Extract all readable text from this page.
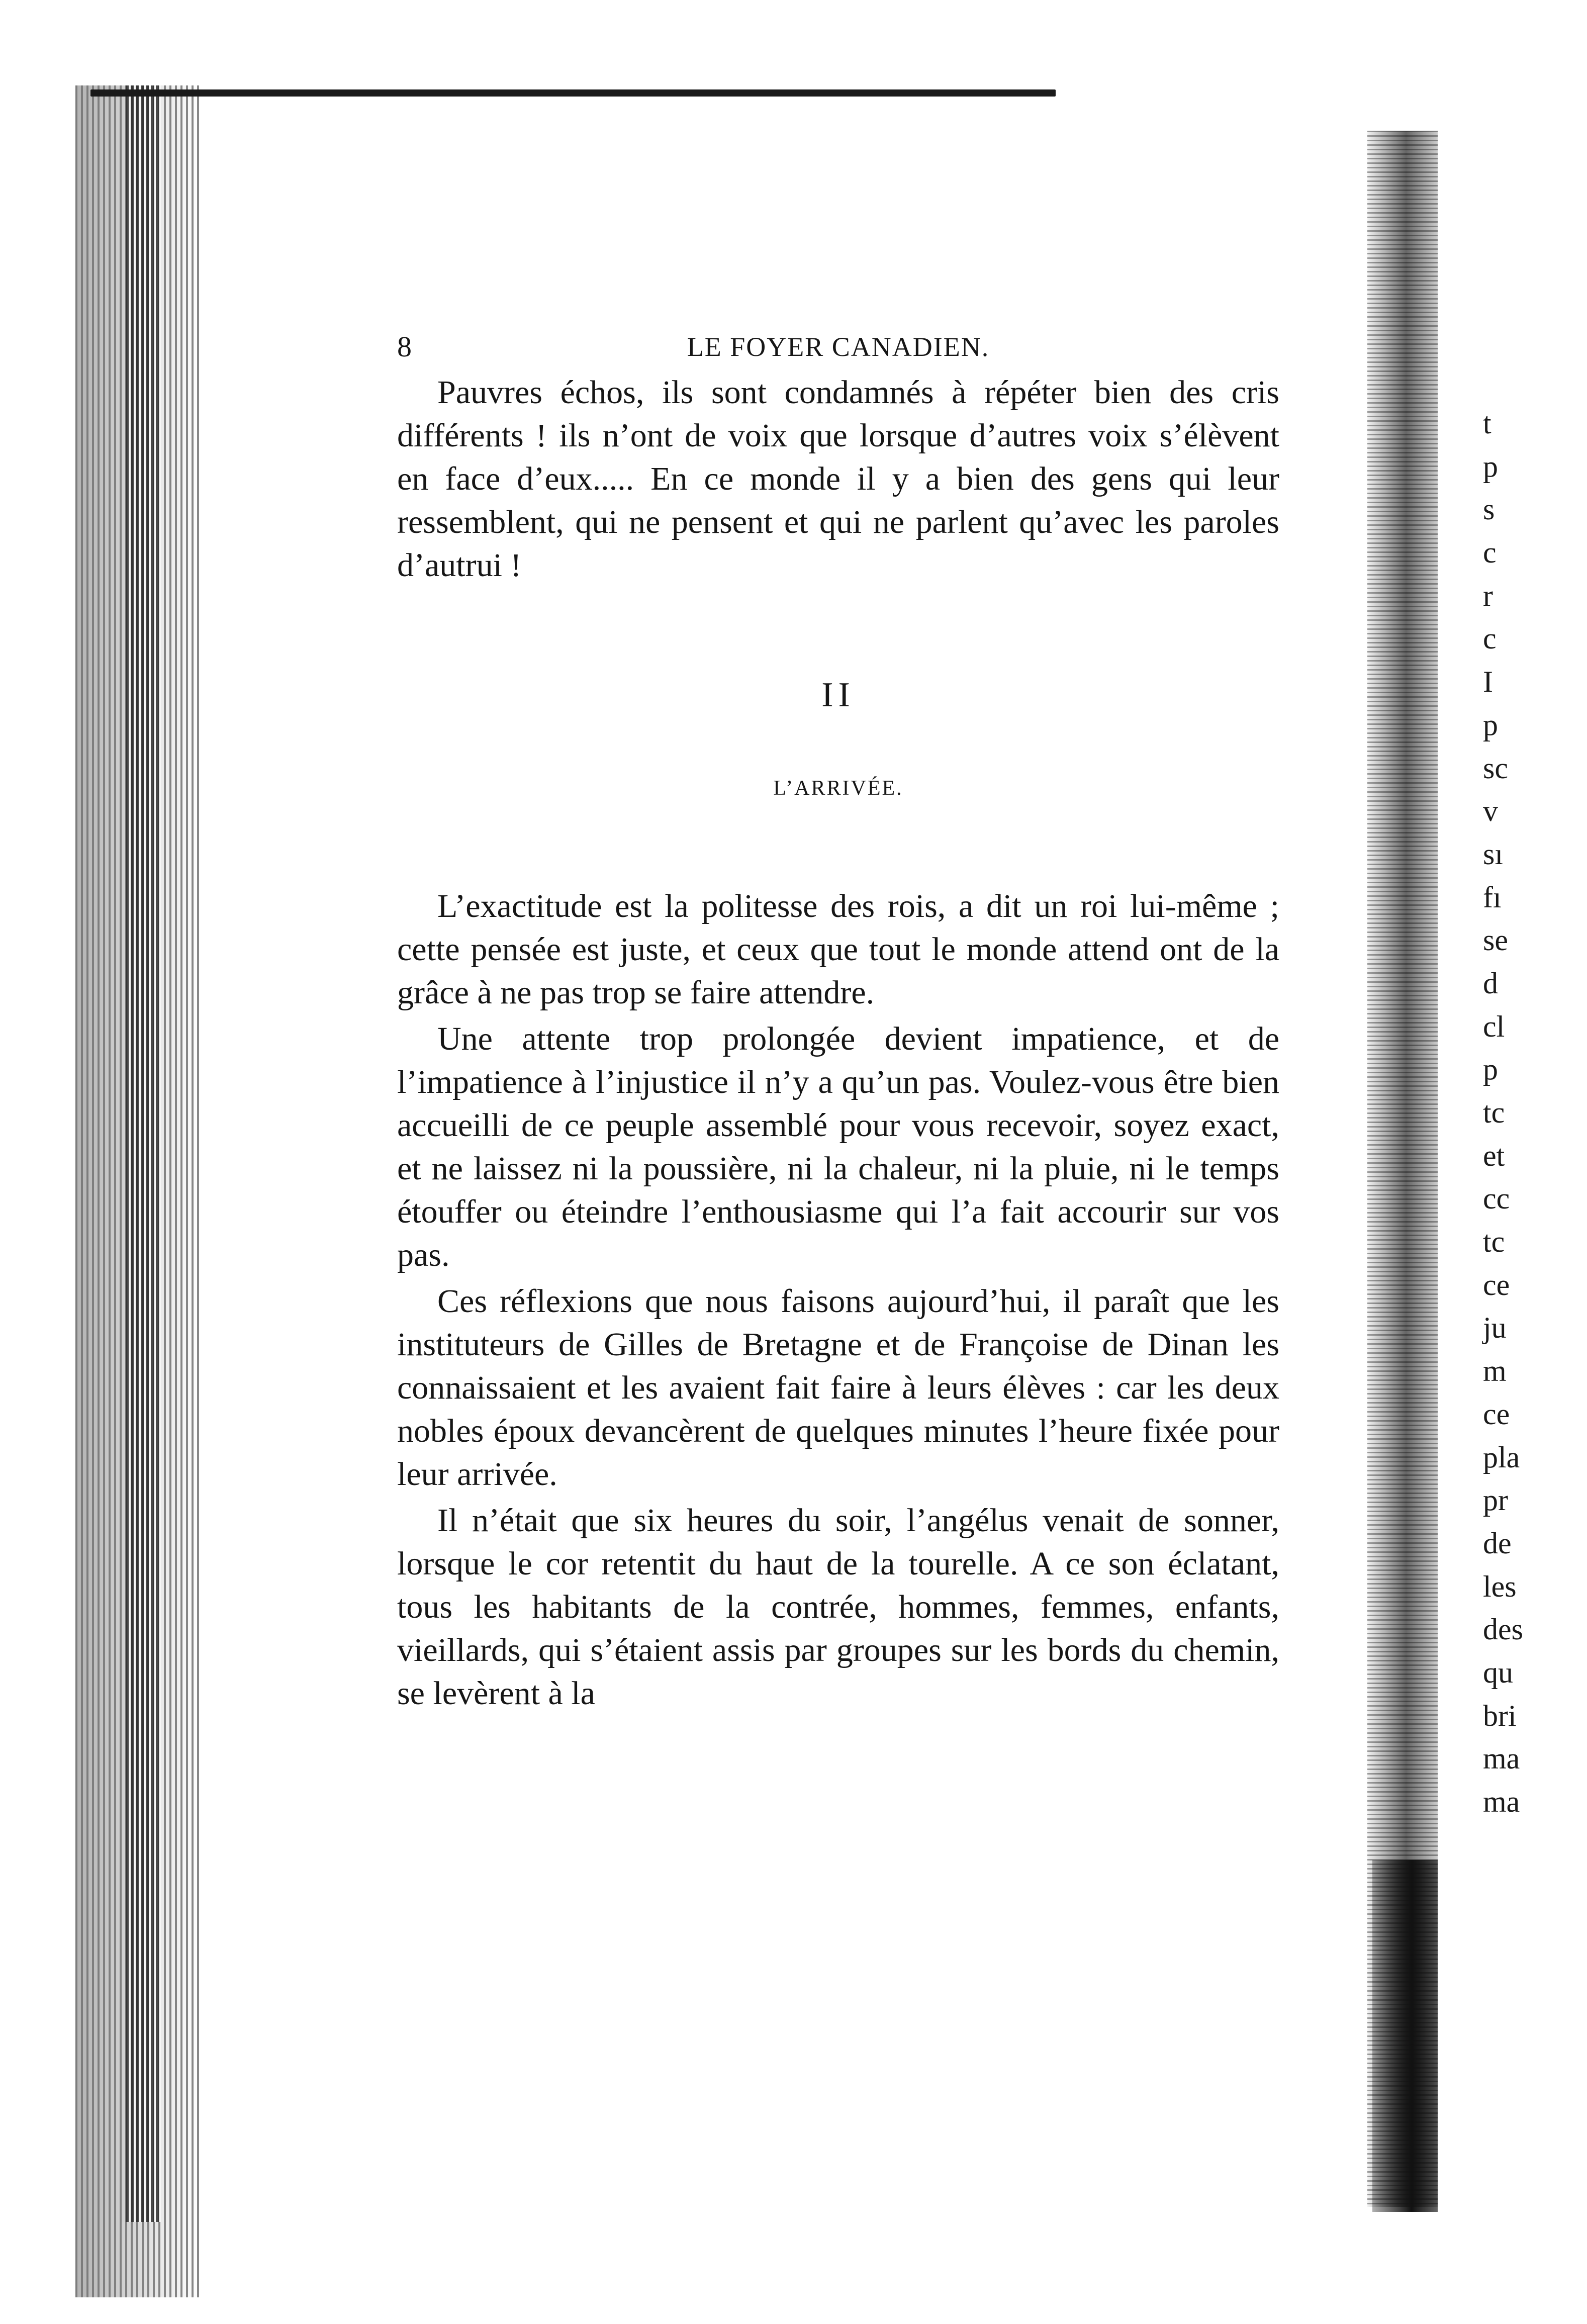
8	LE FOYER CANADIEN.

Pauvres échos, ils sont condamnés à répéter bien des cris différents ! ils n’ont de voix que lorsque d’autres voix s’élèvent en face d’eux..... En ce monde il y a bien des gens qui leur ressemblent, qui ne pensent et qui ne parlent qu’avec les paroles d’autrui !

II
L’ARRIVÉE.

L’exactitude est la politesse des rois, a dit un roi lui-même ; cette pensée est juste, et ceux que tout le monde attend ont de la grâce à ne pas trop se faire attendre.

Une attente trop prolongée devient impatience, et de l’impatience à l’injustice il n’y a qu’un pas. Voulez-vous être bien accueilli de ce peuple assemblé pour vous recevoir, soyez exact, et ne laissez ni la poussière, ni la chaleur, ni la pluie, ni le temps étouffer ou éteindre l’enthousiasme qui l’a fait accourir sur vos pas.

Ces réflexions que nous faisons aujourd’hui, il paraît que les instituteurs de Gilles de Bretagne et de Françoise de Dinan les connaissaient et les avaient fait faire à leurs élèves : car les deux nobles époux devancèrent de quelques minutes l’heure fixée pour leur arrivée.

Il n’était que six heures du soir, l’angélus venait de sonner, lorsque le cor retentit du haut de la tourelle. A ce son éclatant, tous les habitants de la contrée, hommes, femmes, enfants, vieillards, qui s’étaient assis par groupes sur les bords du chemin, se levèrent à la

t
p
s
c
r
c
I
p
sc
v
sı
fı
se
d
cl
p
tc
et
cc
tc
ce
ju
m
ce
pla
pr
de
les
des
qu
bri
ma
ma
